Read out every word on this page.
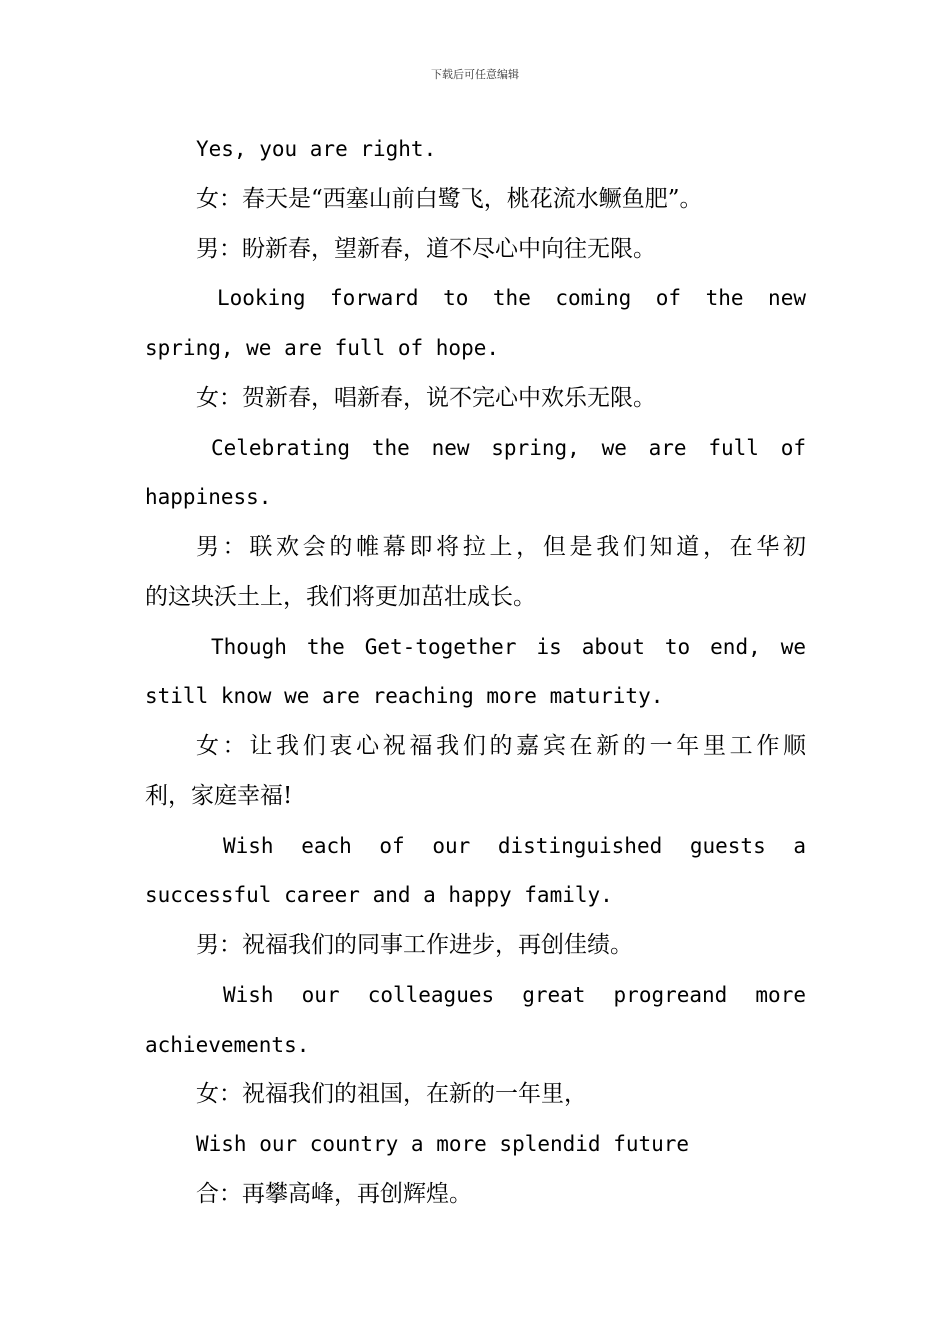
下载后可任意编辑
Yes, you are right.
女：春天是“西塞山前白鹭飞，桃花流水鳜鱼肥”。
男：盼新春，望新春，道不尽心中向往无限。
Looking forward to the coming of the new
spring, we are full of hope.
女：贺新春，唱新春，说不完心中欢乐无限。
Celebrating the new spring, we are full of
happiness.
男：联欢会的帷幕即将拉上，但是我们知道，在华初
的这块沃土上，我们将更加茁壮成长。
Though the Get-together is about to end, we
still know we are reaching more maturity.
女：让我们衷心祝福我们的嘉宾在新的一年里工作顺
利，家庭幸福!
Wish each of our distinguished guests a
successful career and a happy family.
男：祝福我们的同事工作进步，再创佳绩。
Wish our colleagues great progreand more
achievements.
女：祝福我们的祖国，在新的一年里，
Wish our country a more splendid future
合：再攀高峰，再创辉煌。
